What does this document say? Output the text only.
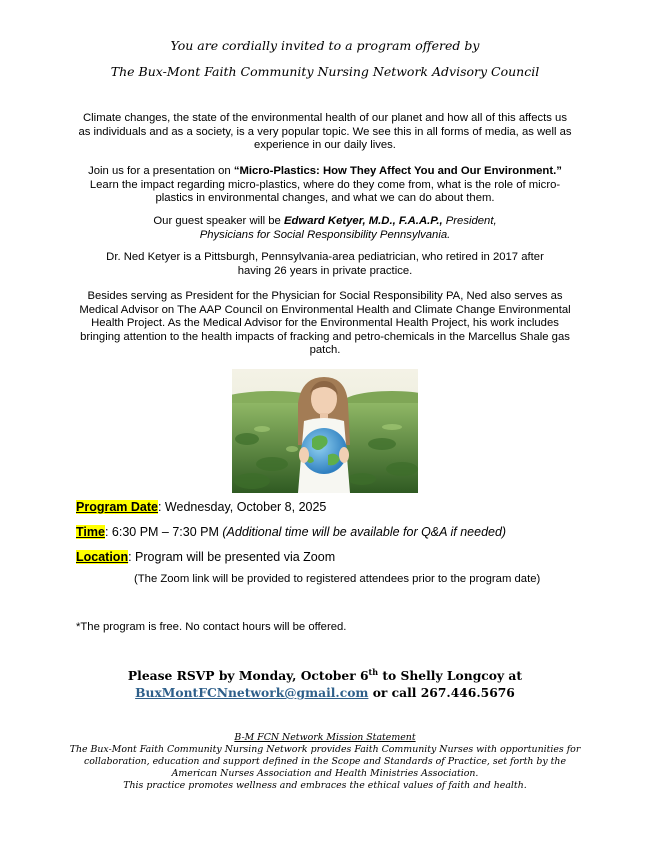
You are cordially invited to a program offered by
The Bux-Mont Faith Community Nursing Network Advisory Council
Climate changes, the state of the environmental health of our planet and how all of this affects us as individuals and as a society, is a very popular topic. We see this in all forms of media, as well as experience in our daily lives.
Join us for a presentation on “Micro-Plastics: How They Affect You and Our Environment.” Learn the impact regarding micro-plastics, where do they come from, what is the role of micro-plastics in environmental changes, and what we can do about them.
Our guest speaker will be Edward Ketyer, M.D., F.A.A.P., President,
Physicians for Social Responsibility Pennsylvania.
Dr. Ned Ketyer is a Pittsburgh, Pennsylvania-area pediatrician, who retired in 2017 after
having 26 years in private practice.
Besides serving as President for the Physician for Social Responsibility PA, Ned also serves as Medical Advisor on The AAP Council on Environmental Health and Climate Change Environmental Health Project. As the Medical Advisor for the Environmental Health Project, his work includes bringing attention to the health impacts of fracking and petro-chemicals in the Marcellus Shale gas patch.
Program Date: Wednesday, October 8, 2025
Time: 6:30 PM – 7:30 PM (Additional time will be available for Q&A if needed)
Location: Program will be presented via Zoom
(The Zoom link will be provided to registered attendees prior to the program date)
*The program is free. No contact hours will be offered.
Please RSVP by Monday, October 6th to Shelly Longcoy at
BuxMontFCNnetwork@gmail.com or call 267.446.5676
B-M FCN Network Mission Statement
The Bux-Mont Faith Community Nursing Network provides Faith Community Nurses with opportunities for
collaboration, education and support defined in the Scope and Standards of Practice, set forth by the
American Nurses Association and Health Ministries Association.
This practice promotes wellness and embraces the ethical values of faith and health.
